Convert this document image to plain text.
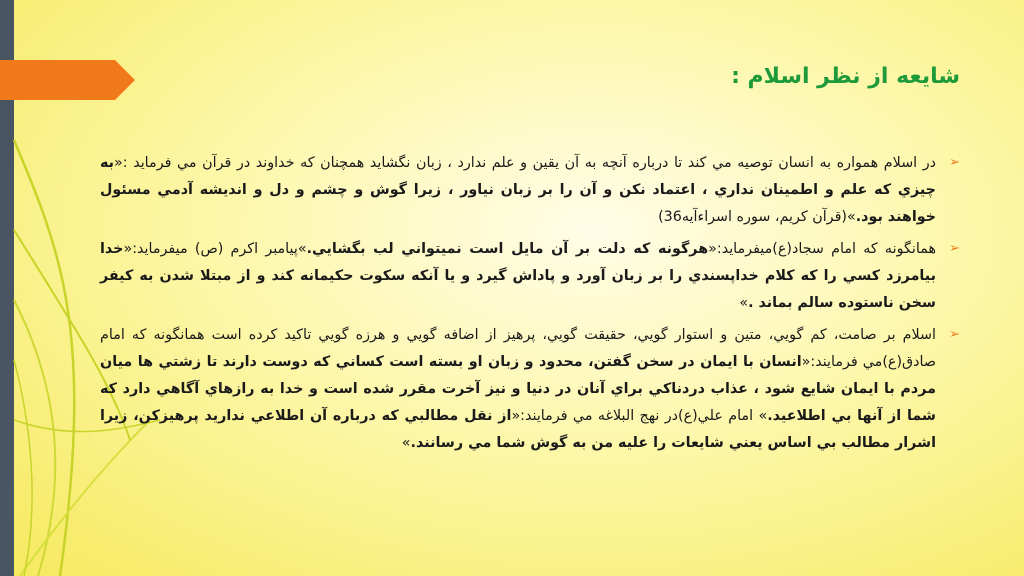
شایعه از نظر اسلام :
➢
در اسلام همواره به انسان توصيه مي كند تا درباره آنچه به آن يقين و علم ندارد ، زبان نگشايد همچنان كه خداوند در قرآن مي فرمايد :«به چيزي كه علم و اطمينان نداري ، اعتماد نكن و آن را بر زبان نياور ، زيرا گوش و چشم و دل و انديشه آدمي مسئول خواهند بود.»(قرآن كريم، سوره اسراءآيه36)
➢
همانگونه که امام سجاد(ع)ميفرمايد:«هرگونه كه دلت بر آن مايل است نميتواني لب بگشايي.»پيامبر اكرم (ص) ميفرمايد:«خدا بيامرزد كسي را كه كلام خداپسندي را بر زبان آورد و پاداش گيرد و يا آنكه سكوت حكيمانه كند و از مبتلا شدن به كيفر سخن ناستوده سالم بماند .»
➢
اسلام بر صامت، کم گويي، متين و استوار گويي، حقيقت گويي، پرهيز از اضافه گويي و هرزه گويي تاكيد كرده است همانگونه كه امام صادق(ع)مي فرمايند:«انسان با ايمان در سخن گفتن، محدود و زبان او بسته است كساني كه دوست دارند تا زشتي ها ميان مردم با ايمان شايع شود ، عذاب دردناكي براي آنان در دنيا و نيز آخرت مقرر شده است و خدا به رازهاي آگاهي دارد كه شما از آنها بي اطلاعيد.» امام علي(ع)در نهج البلاغه مي فرمايند:«از نقل مطالبي كه درباره آن اطلاعي نداريد پرهيزكن، زيرا اشرار مطالب بي اساس يعني شايعات را عليه من به گوش شما مي رسانند.»
